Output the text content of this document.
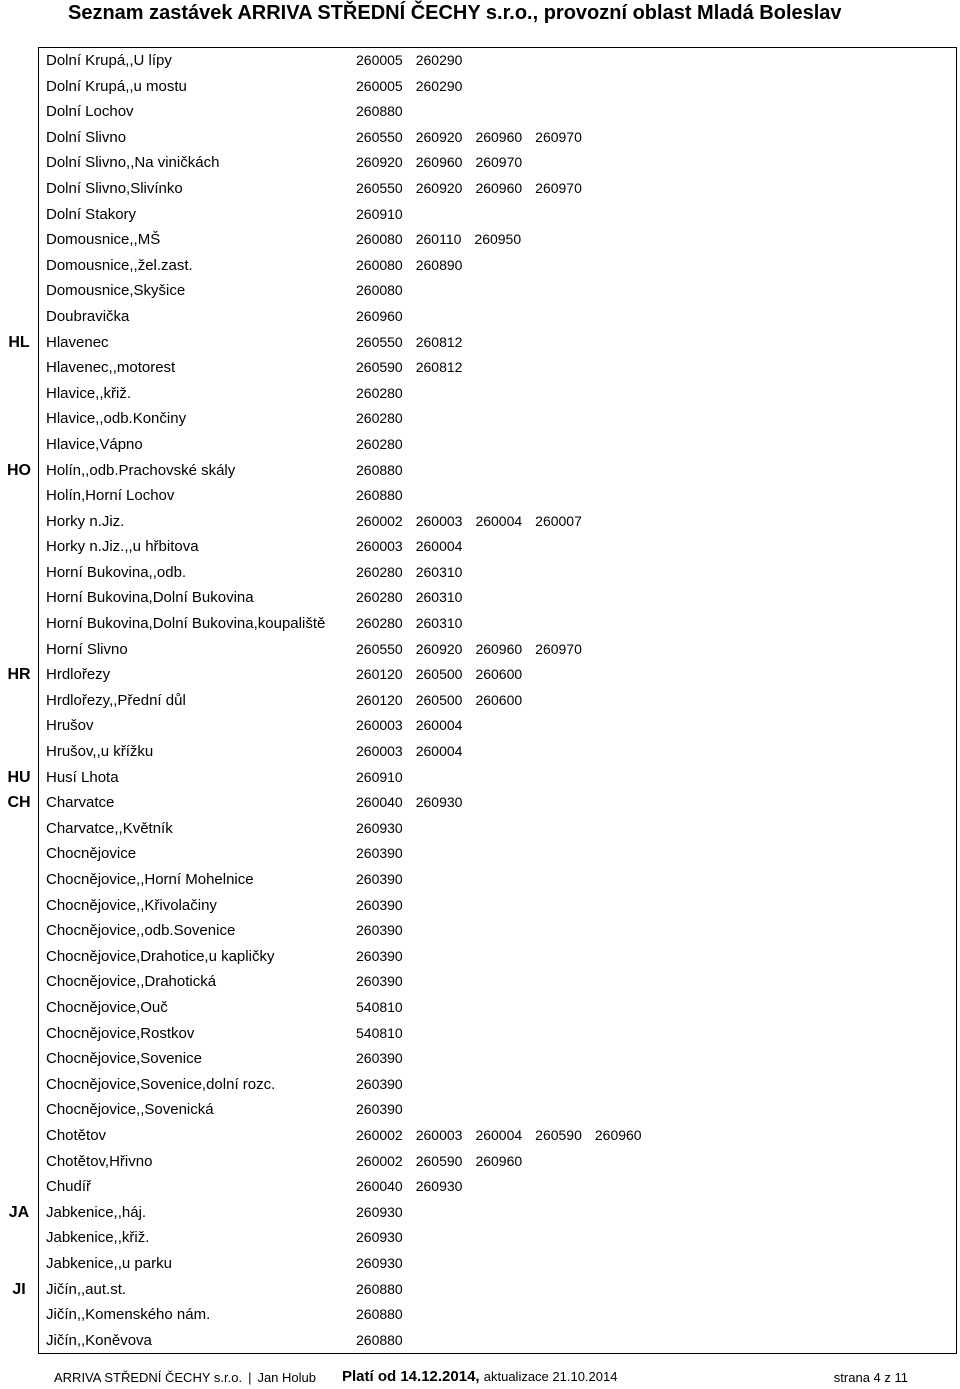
Seznam zastávek ARRIVA STŘEDNÍ ČECHY s.r.o., provozní oblast Mladá Boleslav
Dolní Krupá,,U lípy	260005 260290
Dolní Krupá,,u mostu	260005 260290
Dolní Lochov	260880
Dolní Slivno	260550 260920 260960 260970
Dolní Slivno,,Na viničkách	260920 260960 260970
Dolní Slivno,Slivínko	260550 260920 260960 260970
Dolní Stakory	260910
Domousnice,,MŠ	260080 260110 260950
Domousnice,,žel.zast.	260080 260890
Domousnice,Skyšice	260080
Doubravička	260960
HL	Hlavenec	260550 260812
Hlavenec,,motorest	260590 260812
Hlavice,,křiž.	260280
Hlavice,,odb.Končiny	260280
Hlavice,Vápno	260280
HO	Holín,,odb.Prachovské skály	260880
Holín,Horní Lochov	260880
Horky n.Jiz.	260002 260003 260004 260007
Horky n.Jiz.,,u hřbitova	260003 260004
Horní Bukovina,,odb.	260280 260310
Horní Bukovina,Dolní Bukovina	260280 260310
Horní Bukovina,Dolní Bukovina,koupaliště	260280 260310
Horní Slivno	260550 260920 260960 260970
HR	Hrdlořezy	260120 260500 260600
Hrdlořezy,,Přední důl	260120 260500 260600
Hrušov	260003 260004
Hrušov,,u křížku	260003 260004
HU	Husí Lhota	260910
CH	Charvatce	260040 260930
Charvatce,,Květník	260930
Chocnějovice	260390
Chocnějovice,,Horní Mohelnice	260390
Chocnějovice,,Křivolačiny	260390
Chocnějovice,,odb.Sovenice	260390
Chocnějovice,Drahotice,u kapličky	260390
Chocnějovice,,Drahotická	260390
Chocnějovice,Ouč	540810
Chocnějovice,Rostkov	540810
Chocnějovice,Sovenice	260390
Chocnějovice,Sovenice,dolní rozc.	260390
Chocnějovice,,Sovenická	260390
Chotětov	260002 260003 260004 260590 260960
Chotětov,Hřivno	260002 260590 260960
Chudíř	260040 260930
JA	Jabkenice,,háj.	260930
Jabkenice,,křiž.	260930
Jabkenice,,u parku	260930
JI	Jičín,,aut.st.	260880
Jičín,,Komenského nám.	260880
Jičín,,Koněvova	260880
ARRIVA STŘEDNÍ ČECHY s.r.o. | Jan Holub Platí od 14.12.2014, aktualizace 21.10.2014	strana 4 z 11
